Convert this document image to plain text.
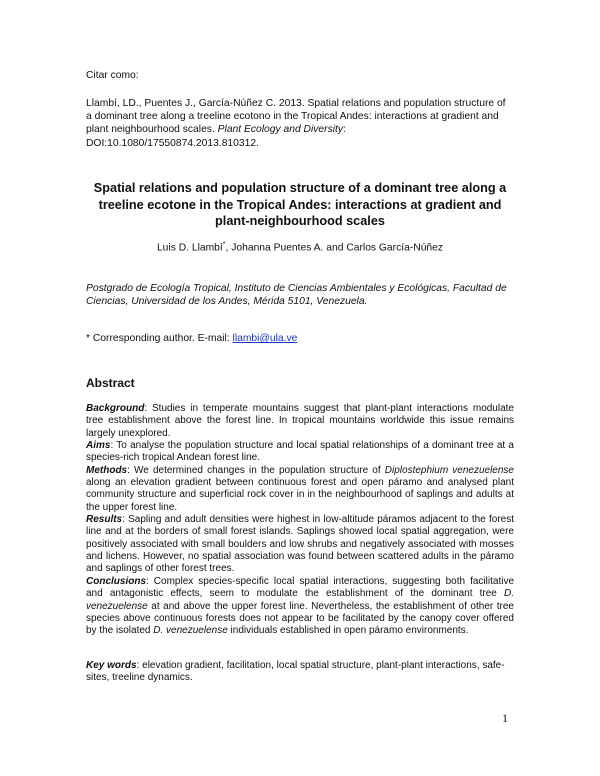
Citar como:
Llambí, LD., Puentes J., García-Núñez C. 2013. Spatial relations and population structure of a dominant tree along a treeline ecotono in the Tropical Andes: interactions at gradient and plant neighbourhood scales. Plant Ecology and Diversity: DOI:10.1080/17550874.2013.810312.
Spatial relations and population structure of a dominant tree along a treeline ecotone in the Tropical Andes: interactions at gradient and plant-neighbourhood scales
Luis D. Llambí*, Johanna Puentes A. and Carlos García-Núñez
Postgrado de Ecología Tropical, Instituto de Ciencias Ambientales y Ecológicas, Facultad de Ciencias, Universidad de los Andes, Mérida 5101, Venezuela.
* Corresponding author. E-mail: llambi@ula.ve
Abstract

Background: Studies in temperate mountains suggest that plant-plant interactions modulate tree establishment above the forest line. In tropical mountains worldwide this issue remains largely unexplored.

Aims: To analyse the population structure and local spatial relationships of a dominant tree at a species-rich tropical Andean forest line.

Methods: We determined changes in the population structure of Diplostephium venezuelense along an elevation gradient between continuous forest and open páramo and analysed plant community structure and superficial rock cover in in the neighbourhood of saplings and adults at the upper forest line.

Results: Sapling and adult densities were highest in low-altitude páramos adjacent to the forest line and at the borders of small forest islands. Saplings showed local spatial aggregation, were positively associated with small boulders and low shrubs and negatively associated with mosses and lichens. However, no spatial association was found between scattered adults in the páramo and saplings of other forest trees.

Conclusions: Complex species-specific local spatial interactions, suggesting both facilitative and antagonistic effects, seem to modulate the establishment of the dominant tree D. venezuelense at and above the upper forest line. Nevertheless, the establishment of other tree species above continuous forests does not appear to be facilitated by the canopy cover offered by the isolated D. venezuelense individuals established in open páramo environments.

Key words: elevation gradient, facilitation, local spatial structure, plant-plant interactions, safe-sites, treeline dynamics.
1
